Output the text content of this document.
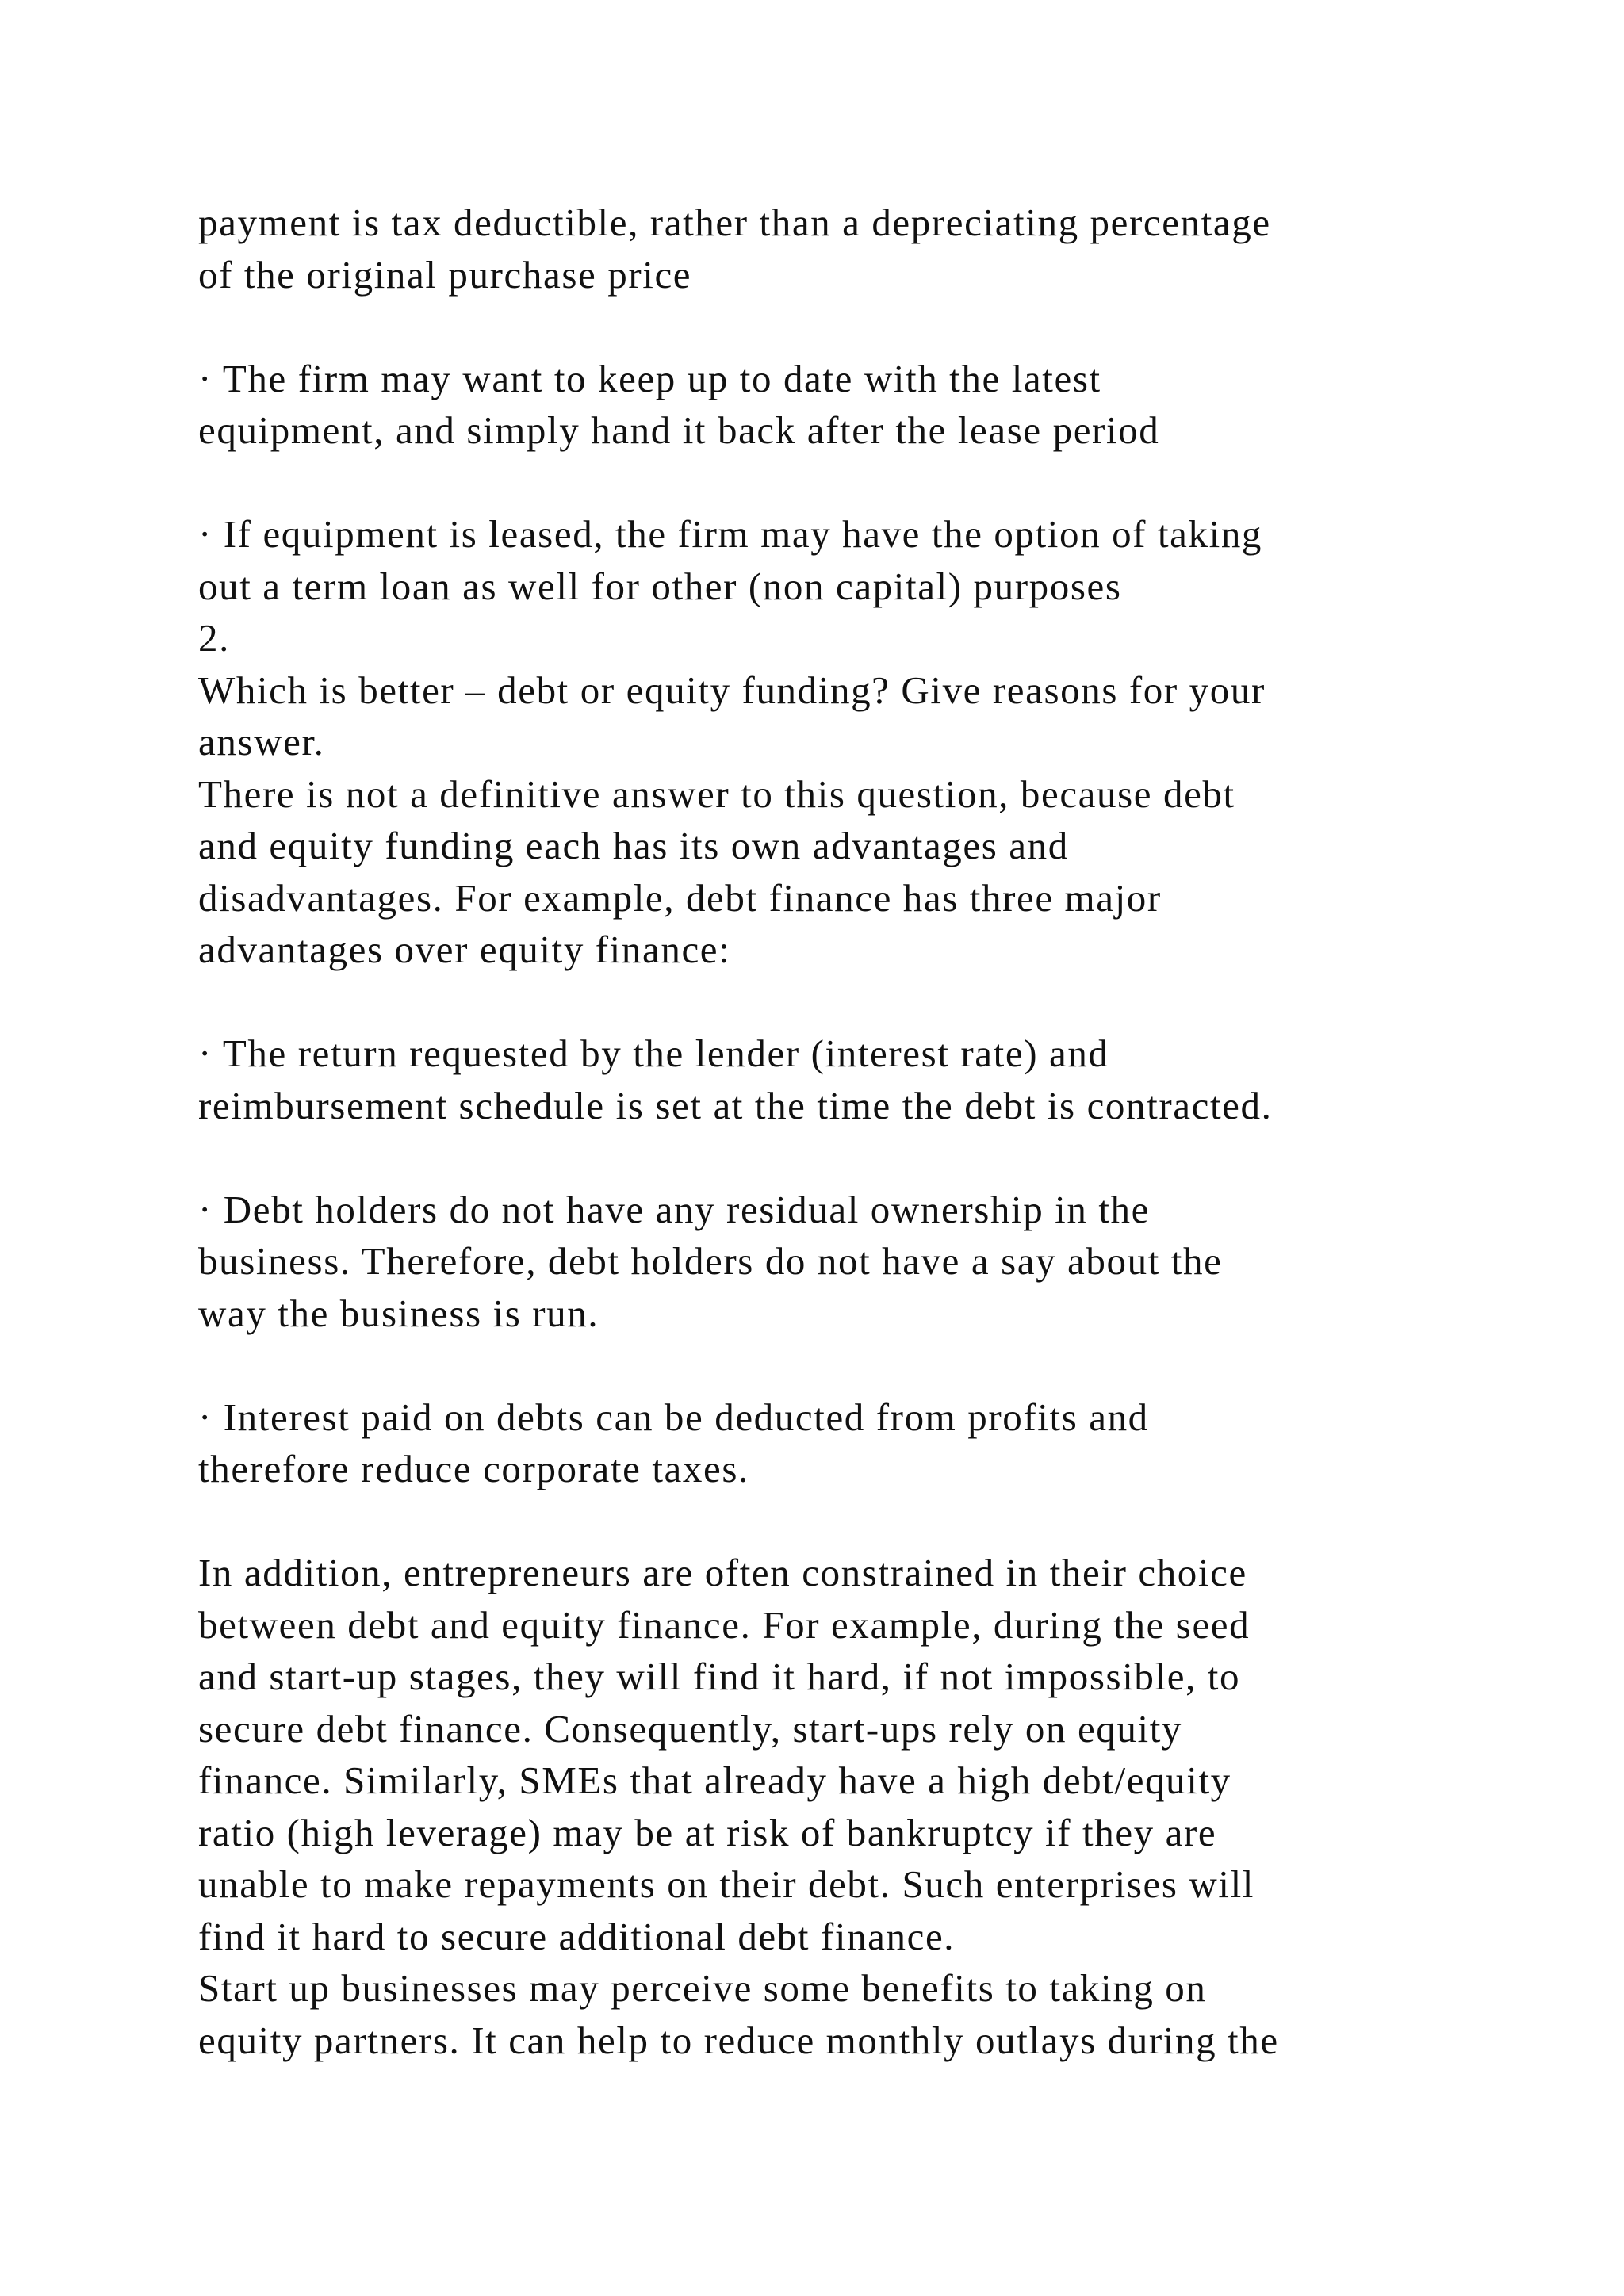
payment is tax deductible, rather than a depreciating percentage
of the original purchase price
· The firm may want to keep up to date with the latest
equipment, and simply hand it back after the lease period
· If equipment is leased, the firm may have the option of taking
out a term loan as well for other (non capital) purposes
2.
Which is better – debt or equity funding? Give reasons for your
answer.
There is not a definitive answer to this question, because debt
and equity funding each has its own advantages and
disadvantages. For example, debt finance has three major
advantages over equity finance:
· The return requested by the lender (interest rate) and
reimbursement schedule is set at the time the debt is contracted.
· Debt holders do not have any residual ownership in the
business. Therefore, debt holders do not have a say about the
way the business is run.
· Interest paid on debts can be deducted from profits and
therefore reduce corporate taxes.
In addition, entrepreneurs are often constrained in their choice
between debt and equity finance. For example, during the seed
and start-up stages, they will find it hard, if not impossible, to
secure debt finance. Consequently, start-ups rely on equity
finance. Similarly, SMEs that already have a high debt/equity
ratio (high leverage) may be at risk of bankruptcy if they are
unable to make repayments on their debt. Such enterprises will
find it hard to secure additional debt finance.
Start up businesses may perceive some benefits to taking on
equity partners. It can help to reduce monthly outlays during the
